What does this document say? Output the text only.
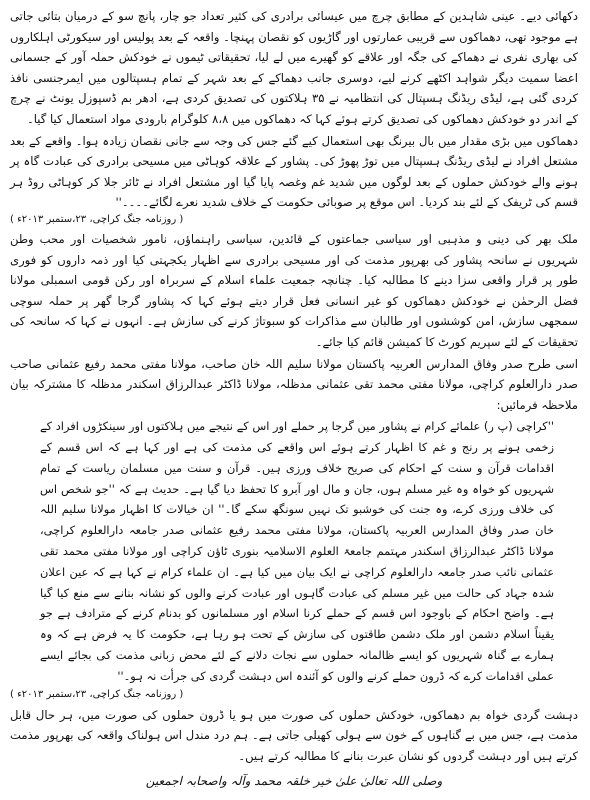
دکھائی دیے۔ عینی شاہدین کے مطابق چرچ میں عیسائی برادری کی کثیر تعداد جو چار، پانچ سو کے درمیان بتائی جاتی ہے موجود تھی، دھماکوں سے قریبی عمارتوں اور گاڑیوں کو نقصان پہنچا۔ واقعہ کے بعد پولیس اور سیکورٹی اہلکاروں کی بھاری نفری نے دھماکے کی جگہ اور علاقے کو گھیرے میں لے لیا، تحقیقاتی ٹیموں نے خودکش حملہ آور کے جسمانی اعضا سمیت دیگر شواہد اکٹھے کرنے لیے، دوسری جانب دھماکے کے بعد شہر کے تمام ہسپتالوں میں ایمرجنسی نافذ کردی گئی ہے، لیڈی ریڈنگ ہسپتال کی انتظامیہ نے ۳۵ ہلاکتوں کی تصدیق کردی ہے، ادھر بم ڈسپوزل یونٹ نے چرچ کے اندر دو خودکش دھماکوں کی تصدیق کرتے ہوئے کہا کہ دھماکوں میں ۸،۸ کلوگرام بارودی مواد استعمال کیا گیا۔

دھماکوں میں بڑی مقدار میں بال بیرنگ بھی استعمال کیے گئے جس کی وجہ سے جانی نقصان زیادہ ہوا۔ واقعے کے بعد مشتعل افراد نے لیڈی ریڈنگ ہسپتال میں توڑ پھوڑ کی۔ پشاور کے علاقہ کوہاٹی میں مسیحی برادری کی عبادت گاہ پر ہونے والے خودکش حملوں کے بعد لوگوں میں شدید غم وغصہ پایا گیا اور مشتعل افراد نے ٹائر جلا کر کوہاٹی روڈ ہر قسم کی ٹریفک کے لئے بند کردیا۔ اس موقع پر صوبائی حکومت کے خلاف شدید نعرے لگائے۔۔۔۔''

( روزنامہ جنگ کراچی، ۲۳،ستمبر ۲۰۱۳ء )

ملک بھر کی دینی و مذہبی اور سیاسی جماعتوں کے قائدین، سیاسی راہنماؤں، نامور شخصیات اور محب وطن شہریوں نے سانحہ پشاور کی بھرپور مذمت کی اور مسیحی برادری سے اظہار یکجہتی کیا اور ذمہ داروں کو فوری طور پر قرار واقعی سزا دینے کا مطالبہ کیا۔ چنانچہ جمعیت علماء اسلام کے سربراہ اور رکن قومی اسمبلی مولانا فضل الرحمٰن نے خودکش دھماکوں کو غیر انسانی فعل قرار دیتے ہوئے کہا کہ پشاور گرجا گھر پر حملہ سوچی سمجھی سازش، امن کوششوں اور طالبان سے مذاکرات کو سبوتاژ کرنے کی سازش ہے۔ انہوں نے کہا کہ سانحہ کی تحقیقات کے لئے سپریم کورٹ کا کمیشن قائم کیا جائے۔

اسی طرح صدر وفاق المدارس العربیہ پاکستان مولانا سلیم اللہ خان صاحب، مولانا مفتی محمد رفیع عثمانی صاحب صدر دارالعلوم کراچی، مولانا مفتی محمد تقی عثمانی مدظلہ، مولانا ڈاکٹر عبدالرزاق اسکندر مدظلہ کا مشترکہ بیان ملاحظہ فرمائیں:

''کراچی (پ ر) علمائے کرام نے پشاور میں گرجا پر حملے اور اس کے نتیجے میں ہلاکتوں اور سینکڑوں افراد کے زخمی ہونے پر رنج و غم کا اظہار کرتے ہوئے اس واقعے کی مذمت کی ہے اور کہا ہے کہ اس قسم کے اقدامات قرآن و سنت کے احکام کی صریح خلاف ورزی ہیں۔ قرآن و سنت میں مسلمان ریاست کے تمام شہریوں کو خواہ وہ غیر مسلم ہوں، جان و مال اور آبرو کا تحفظ دیا گیا ہے۔ حدیث ہے کہ ''جو شخص اس کی خلاف ورزی کرے، وہ جنت کی خوشبو تک نہیں سونگھ سکے گا۔'' ان خیالات کا اظہار مولانا سلیم اللہ خان صدر وفاق المدارس العربیہ پاکستان، مولانا مفتی محمد رفیع عثمانی صدر جامعہ دارالعلوم کراچی، مولانا ڈاکٹر عبدالرزاق اسکندر مہتمم جامعۃ العلوم الاسلامیہ بنوری ٹاؤن کراچی اور مولانا مفتی محمد تقی عثمانی نائب صدر جامعہ دارالعلوم کراچی نے ایک بیان میں کیا ہے۔ ان علماء کرام نے کہا ہے کہ عین اعلان شدہ جہاد کی حالت میں غیر مسلم کی عبادت گاہوں اور عبادت کرنے والوں کو نشانہ بنانے سے منع کیا گیا ہے۔ واضح احکام کے باوجود اس قسم کے حملے کرنا اسلام اور مسلمانوں کو بدنام کرنے کے مترادف ہے جو یقیناً اسلام دشمن اور ملک دشمن طاقتوں کی سازش کے تحت ہو رہا ہے، حکومت کا یہ فرض ہے کہ وہ ہمارے بے گناہ شہریوں کو ایسے ظالمانہ حملوں سے نجات دلانے کے لئے محض زبانی مذمت کی بجائے ایسے عملی اقدامات کرے کہ ڈرون حملے کرنے والوں کو آئندہ اس دہشت گردی کی جرأت نہ ہو۔''

( روزنامہ جنگ کراچی، ۲۳،ستمبر ۲۰۱۳ء )

دہشت گردی خواہ بم دھماکوں، خودکش حملوں کی صورت میں ہو یا ڈرون حملوں کی صورت میں، ہر حال قابل مذمت ہے، جس میں بے گناہوں کے خون سے ہولی کھیلی جاتی ہے۔ ہم درد مندل اس ہولناک واقعہ کی بھرپور مذمت کرتے ہیں اور دہشت گردوں کو نشان عبرت بنانے کا مطالبہ کرتے ہیں۔

وصلی اللہ تعالیٰ علیٰ خیر خلقہ محمد وآلہ واصحابہ اجمعین
